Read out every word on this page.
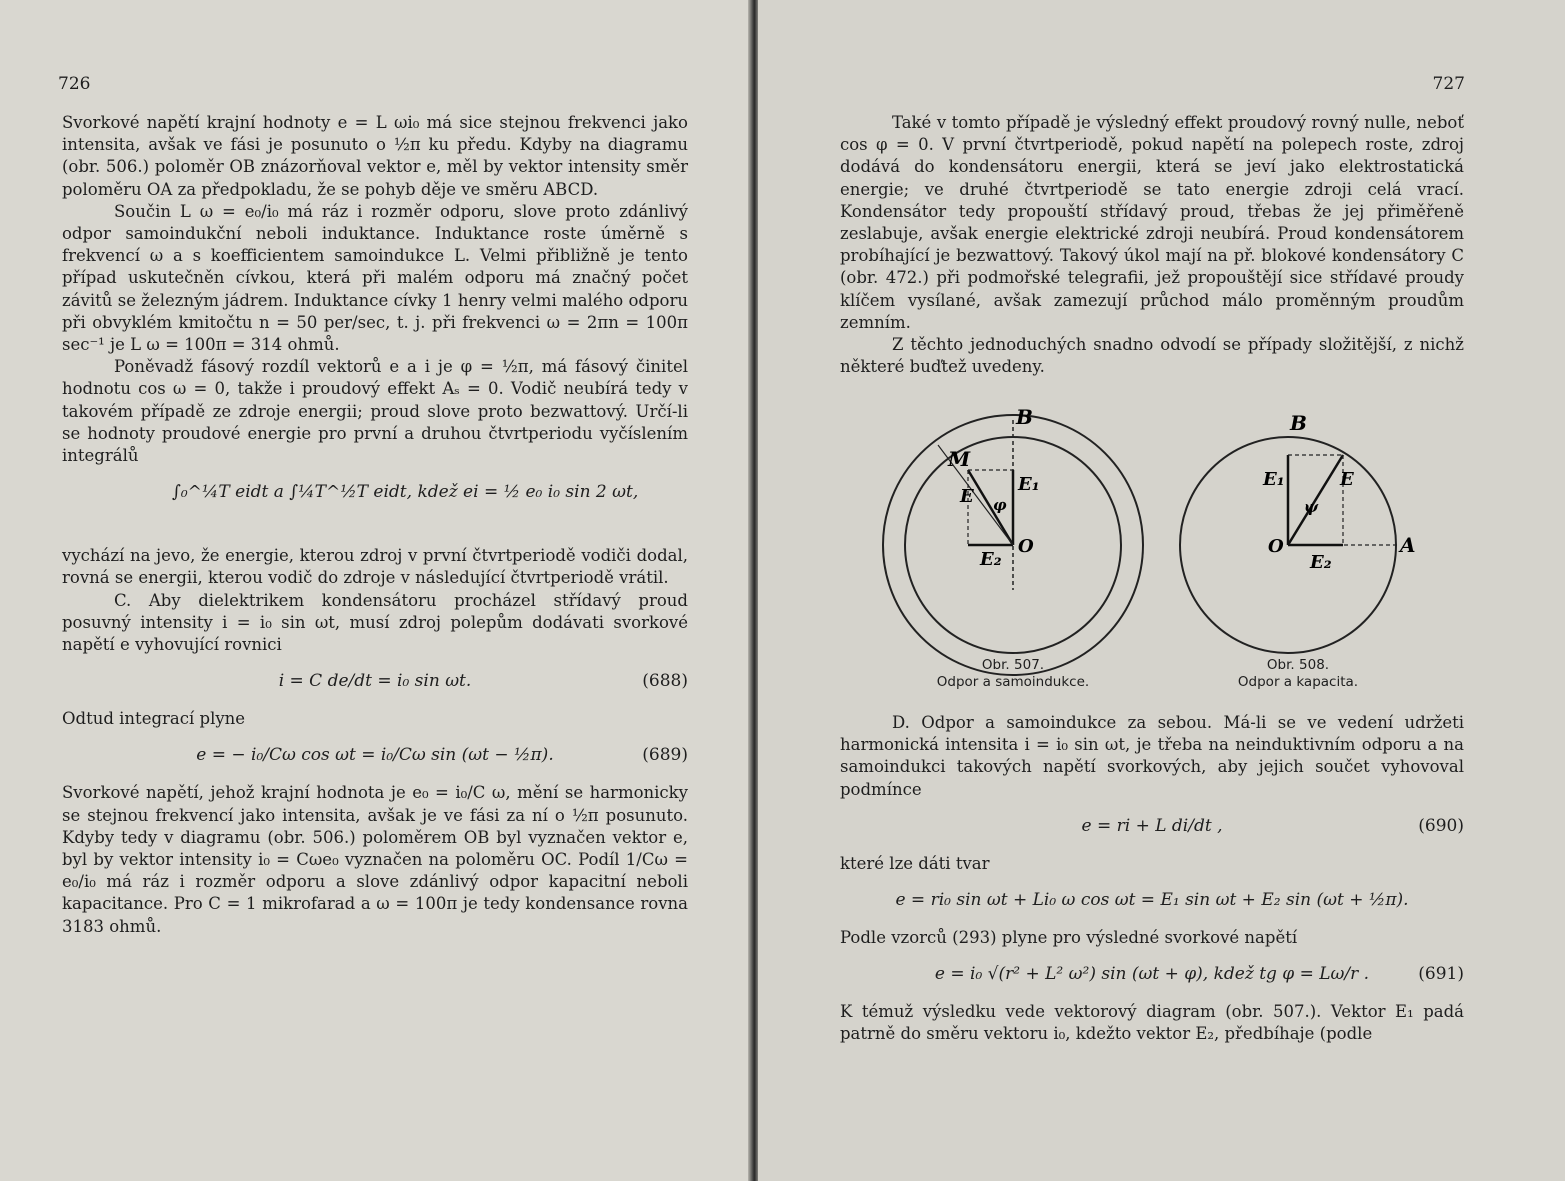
726

Svorkové napětí krajní hodnoty e = L ωi₀ má sice stejnou frekvenci jako intensita, avšak ve fási je posunuto o ½π ku předu. Kdyby na diagramu (obr. 506.) poloměr OB znázorňoval vektor e, měl by vektor intensity směr poloměru OA za předpokladu, že se pohyb děje ve směru ABCD.

Součin L ω = e₀/i₀ má ráz i rozměr odporu, slove proto zdánlivý odpor samoindukční neboli induktance. Induktance roste úměrně s frekvencí ω a s koefficientem samoindukce L. Velmi přibližně je tento případ uskutečněn cívkou, která při malém odporu má značný počet závitů se železným jádrem. Induktance cívky 1 henry velmi malého odporu při obvyklém kmitočtu n = 50 per/sec, t. j. při frekvenci ω = 2πn = 100π sec⁻¹ je L ω = 100π = 314 ohmů.

Poněvadž fásový rozdíl vektorů e a i je φ = ½π, má fásový činitel hodnotu cos ω = 0, takže i proudový effekt Aₛ = 0. Vodič neubírá tedy v takovém případě ze zdroje energii; proud slove proto bezwattový. Určí-li se hodnoty proudové energie pro první a druhou čtvrtperiodu vyčíslením integrálů

∫₀^¼T eidt a ∫¼T^½T eidt, kdež ei = ½ e₀ i₀ sin 2 ωt,

vychází na jevo, že energie, kterou zdroj v první čtvrtperiodě vodiči dodal, rovná se energii, kterou vodič do zdroje v následující čtvrtperiodě vrátil.

C. Aby dielektrikem kondensátoru procházel střídavý proud posuvný intensity i = i₀ sin ωt, musí zdroj polepům dodávati svorkové napětí e vyhovující rovnici

i = C de/dt = i₀ sin ωt.	(688)

Odtud integrací plyne

e = − i₀/Cω cos ωt = i₀/Cω sin (ωt − ½π).	(689)

Svorkové napětí, jehož krajní hodnota je e₀ = i₀/C ω, mění se harmonicky se stejnou frekvencí jako intensita, avšak je ve fási za ní o ½π posunuto. Kdyby tedy v diagramu (obr. 506.) poloměrem OB byl vyznačen vektor e, byl by vektor intensity i₀ = Cωe₀ vyznačen na poloměru OC. Podíl 1/Cω = e₀/i₀ má ráz i rozměr odporu a slove zdánlivý odpor kapacitní neboli kapacitance. Pro C = 1 mikrofarad a ω = 100π je tedy kondensance rovna 3183 ohmů.

727

Také v tomto případě je výsledný effekt proudový rovný nulle, neboť cos φ = 0. V první čtvrtperiodě, pokud napětí na polepech roste, zdroj dodává do kondensátoru energii, která se jeví jako elektrostatická energie; ve druhé čtvrtperiodě se tato energie zdroji celá vrací. Kondensátor tedy propouští střídavý proud, třebas že jej přiměřeně zeslabuje, avšak energie elektrické zdroji neubírá. Proud kondensátorem probíhající je bezwattový. Takový úkol mají na př. blokové kondensátory C (obr. 472.) při podmořské telegrafii, jež propouštějí sice střídavé proudy klíčem vysílané, avšak zamezují průchod málo proměnným proudům zemním.

Z těchto jednoduchých snadno odvodí se případy složitější, z nichž některé buďtež uvedeny.

B
M
E
E₁
φ
E₂
O
B
E₁	E
ψ
O
E₂
A
Obr. 507.
Odpor a samoindukce.
Obr. 508.
Odpor a kapacita.

D. Odpor a samoindukce za sebou. Má-li se ve vedení udržeti harmonická intensita i = i₀ sin ωt, je třeba na neinduktivním odporu a na samoindukci takových napětí svorkových, aby jejich součet vyhovoval podmínce

e = ri + L di/dt ,	(690)

které lze dáti tvar

e = ri₀ sin ωt + Li₀ ω cos ωt = E₁ sin ωt + E₂ sin (ωt + ½π).

Podle vzorců (293) plyne pro výsledné svorkové napětí

e = i₀ √(r² + L² ω²) sin (ωt + φ), kdež tg φ = Lω/r .	(691)

K témuž výsledku vede vektorový diagram (obr. 507.). Vektor E₁ padá patrně do směru vektoru i₀, kdežto vektor E₂, předbíhaje (podle
